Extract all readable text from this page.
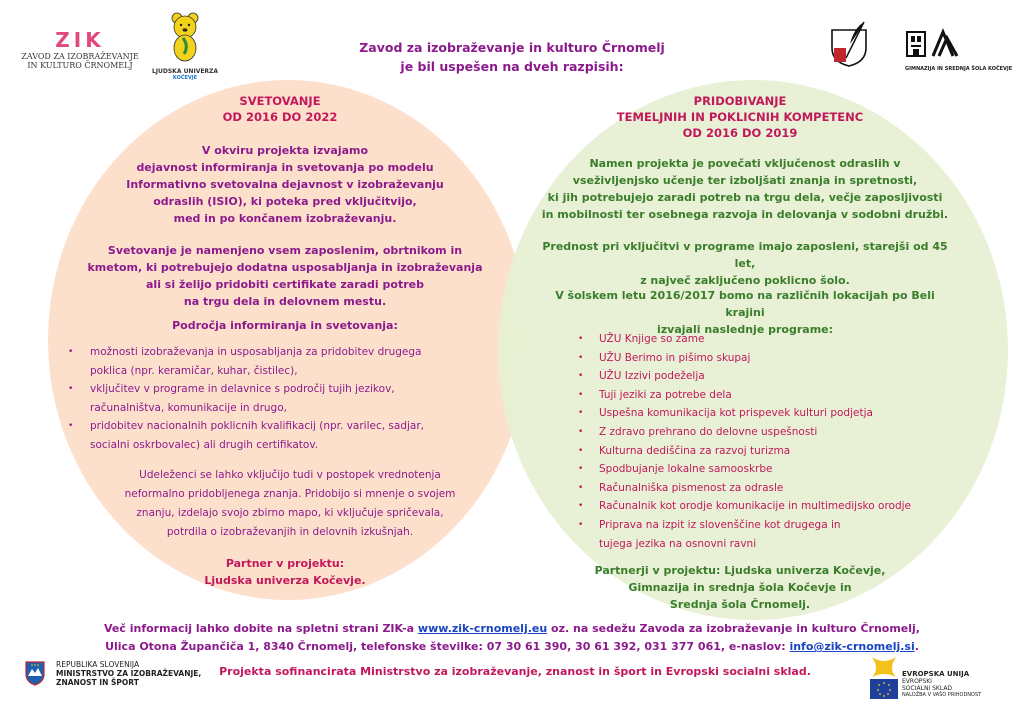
ZIK
ZAVOD ZA IZOBRAŽEVANJE
IN KULTURO ČRNOMELJ
LJUDSKA UNIVERZA
KOČEVJE
Zavod za izobraževanje in kulturo Črnomelj
je bil uspešen na dveh razpisih:	GIMNAZIJA IN SREDNJA ŠOLA KOČEVJE
SVETOVANJE
OD 2016 DO 2022
V okviru projekta izvajamo
dejavnost informiranja in svetovanja po modelu
Informativno svetovalna dejavnost v izobraževanju
odraslih (ISIO), ki poteka pred vključitvijo,
med in po končanem izobraževanju.
Svetovanje je namenjeno vsem zaposlenim, obrtnikom in
kmetom, ki potrebujejo dodatna usposabljanja in izobraževanja
ali si želijo pridobiti certifikate zaradi potreb
na trgu dela in delovnem mestu.
Področja informiranja in svetovanja:
• možnosti izobraževanja in usposabljanja za pridobitev drugega
poklica (npr. keramičar, kuhar, čistilec),
• vključitev v programe in delavnice s področij tujih jezikov,
računalništva, komunikacije in drugo,
• pridobitev nacionalnih poklicnih kvalifikacij (npr. varilec, sadjar,
socialni oskrbovalec) ali drugih certifikatov.
Udeleženci se lahko vključijo tudi v postopek vrednotenja
neformalno pridobljenega znanja. Pridobijo si mnenje o svojem
znanju, izdelajo svojo zbirno mapo, ki vključuje spričevala,
potrdila o izobraževanjih in delovnih izkušnjah.
Partner v projektu:
Ljudska univerza Kočevje.
PRIDOBIVANJE
TEMELJNIH IN POKLICNIH KOMPETENC
OD 2016 DO 2019
Namen projekta je povečati vključenost odraslih v
vseživljenjsko učenje ter izboljšati znanja in spretnosti,
ki jih potrebujejo zaradi potreb na trgu dela, večje zaposljivosti
in mobilnosti ter osebnega razvoja in delovanja v sodobni družbi.
Prednost pri vključitvi v programe imajo zaposleni, starejši od 45 let,
z največ zaključeno poklicno šolo.
V šolskem letu 2016/2017 bomo na različnih lokacijah po Beli krajini
izvajali naslednje programe:
• UŽU Knjige so zame
• UŽU Berimo in pišimo skupaj
• UŽU Izzivi podeželja
• Tuji jeziki za potrebe dela
• Uspešna komunikacija kot prispevek kulturi podjetja
• Z zdravo prehrano do delovne uspešnosti
• Kulturna dediščina za razvoj turizma
• Spodbujanje lokalne samooskrbe
• Računalniška pismenost za odrasle
• Računalnik kot orodje komunikacije in multimedijsko orodje
• Priprava na izpit iz slovenščine kot drugega in
tujega jezika na osnovni ravni
Partnerji v projektu: Ljudska univerza Kočevje,
Gimnazija in srednja šola Kočevje in
Srednja šola Črnomelj.
Več informacij lahko dobite na spletni strani ZIK-a www.zik-crnomelj.eu oz. na sedežu Zavoda za izobraževanje in kulturo Črnomelj,
Ulica Otona Župančiča 1, 8340 Črnomelj, telefonske številke: 07 30 61 390, 30 61 392, 031 377 061, e-naslov: info@zik-crnomelj.si.
REPUBLIKA SLOVENIJA
MINISTRSTVO ZA IZOBRAŽEVANJE,
ZNANOST IN ŠPORT
Projekta sofinancirata Ministrstvo za izobraževanje, znanost in šport in Evropski socialni sklad.	EVROPSKA UNIJA
EVROPSKI
SOCIALNI SKLAD
NALOŽBA V VAŠO PRIHODNOST
